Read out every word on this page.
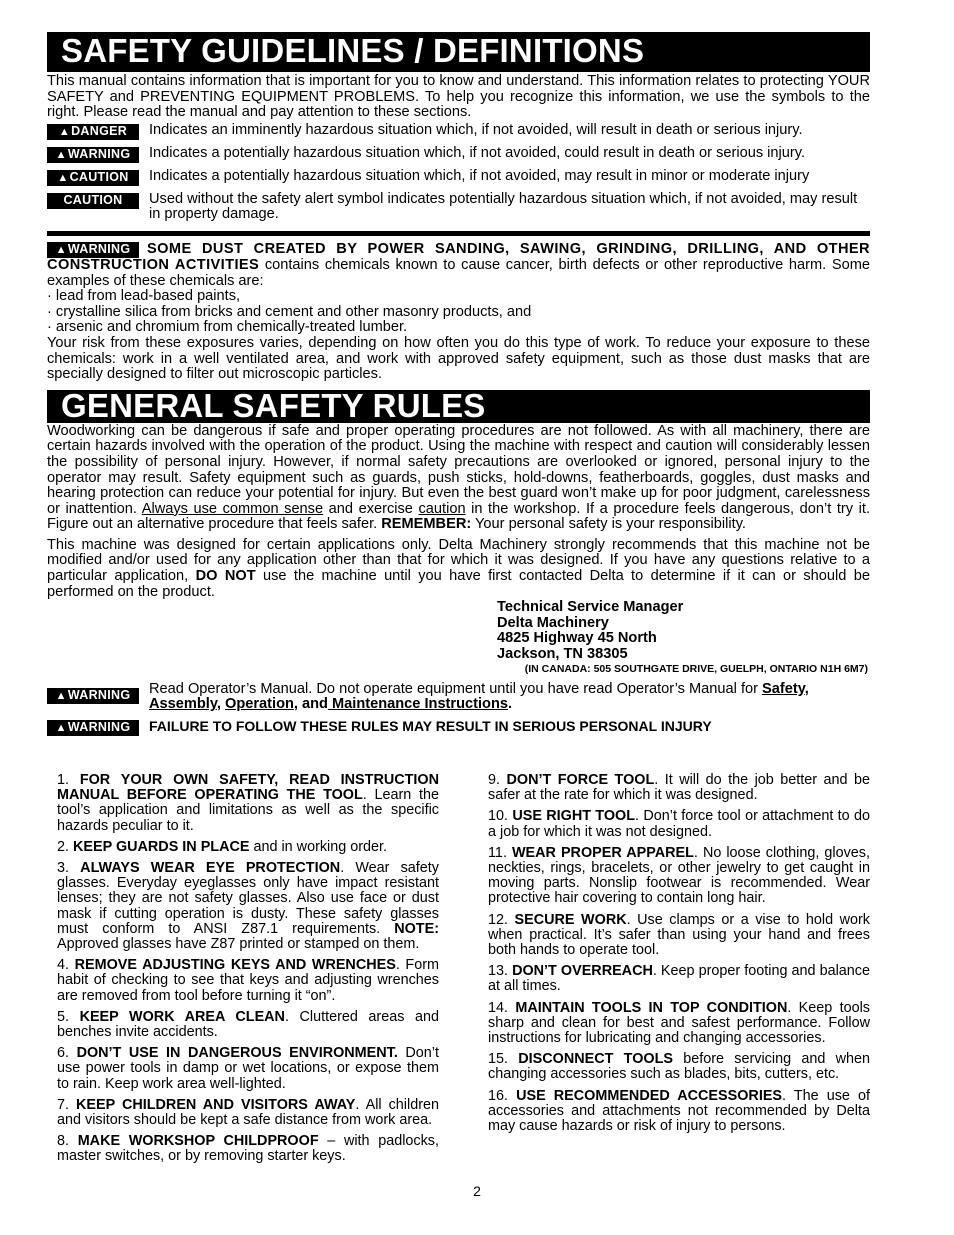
SAFETY GUIDELINES / DEFINITIONS

This manual contains information that is important for you to know and understand. This information relates to protecting YOUR SAFETY and PREVENTING EQUIPMENT PROBLEMS. To help you recognize this information, we use the symbols to the right. Please read the manual and pay attention to these sections.

▲DANGER	Indicates an imminently hazardous situation which, if not avoided, will result in death or serious injury.
▲WARNING	Indicates a potentially hazardous situation which, if not avoided, could result in death or serious injury.
▲CAUTION	Indicates a potentially hazardous situation which, if not avoided, may result in minor or moderate injury
CAUTION	Used without the safety alert symbol indicates potentially hazardous situation which, if not avoided, may result in property damage.

▲WARNING SOME DUST CREATED BY POWER SANDING, SAWING, GRINDING, DRILLING, AND OTHER CONSTRUCTION ACTIVITIES contains chemicals known to cause cancer, birth defects or other reproductive harm. Some examples of these chemicals are:

· lead from lead-based paints,
· crystalline silica from bricks and cement and other masonry products, and
· arsenic and chromium from chemically-treated lumber.

Your risk from these exposures varies, depending on how often you do this type of work. To reduce your exposure to these chemicals: work in a well ventilated area, and work with approved safety equipment, such as those dust masks that are specially designed to filter out microscopic particles.

GENERAL SAFETY RULES

Woodworking can be dangerous if safe and proper operating procedures are not followed. As with all machinery, there are certain hazards involved with the operation of the product. Using the machine with respect and caution will considerably lessen the possibility of personal injury. However, if normal safety precautions are overlooked or ignored, personal injury to the operator may result. Safety equipment such as guards, push sticks, hold-downs, featherboards, goggles, dust masks and hearing protection can reduce your potential for injury. But even the best guard won’t make up for poor judgment, carelessness or inattention. Always use common sense and exercise caution in the workshop. If a procedure feels dangerous, don’t try it. Figure out an alternative procedure that feels safer. REMEMBER: Your personal safety is your responsibility.

This machine was designed for certain applications only. Delta Machinery strongly recommends that this machine not be modified and/or used for any application other than that for which it was designed. If you have any questions relative to a particular application, DO NOT use the machine until you have first contacted Delta to determine if it can or should be performed on the product.

Technical Service Manager
Delta Machinery
4825 Highway 45 North
Jackson, TN 38305
(IN CANADA: 505 SOUTHGATE DRIVE, GUELPH, ONTARIO N1H 6M7)
▲WARNING	Read Operator’s Manual. Do not operate equipment until you have read Operator’s Manual for Safety, Assembly, Operation, and Maintenance Instructions.
▲WARNING	FAILURE TO FOLLOW THESE RULES MAY RESULT IN SERIOUS PERSONAL INJURY

1. FOR YOUR OWN SAFETY, READ INSTRUCTION MANUAL BEFORE OPERATING THE TOOL. Learn the tool’s application and limitations as well as the specific hazards peculiar to it.

2. KEEP GUARDS IN PLACE and in working order.

3. ALWAYS WEAR EYE PROTECTION. Wear safety glasses. Everyday eyeglasses only have impact resistant lenses; they are not safety glasses. Also use face or dust mask if cutting operation is dusty. These safety glasses must conform to ANSI Z87.1 requirements. NOTE: Approved glasses have Z87 printed or stamped on them.

4. REMOVE ADJUSTING KEYS AND WRENCHES. Form habit of checking to see that keys and adjusting wrenches are removed from tool before turning it “on”.

5. KEEP WORK AREA CLEAN. Cluttered areas and benches invite accidents.

6. DON’T USE IN DANGEROUS ENVIRONMENT. Don’t use power tools in damp or wet locations, or expose them to rain. Keep work area well-lighted.

7. KEEP CHILDREN AND VISITORS AWAY. All children and visitors should be kept a safe distance from work area.

8. MAKE WORKSHOP CHILDPROOF – with padlocks, master switches, or by removing starter keys.

9. DON’T FORCE TOOL. It will do the job better and be safer at the rate for which it was designed.

10. USE RIGHT TOOL. Don’t force tool or attachment to do a job for which it was not designed.

11. WEAR PROPER APPAREL. No loose clothing, gloves, neckties, rings, bracelets, or other jewelry to get caught in moving parts. Nonslip footwear is recommended. Wear protective hair covering to contain long hair.

12. SECURE WORK. Use clamps or a vise to hold work when practical. It’s safer than using your hand and frees both hands to operate tool.

13. DON’T OVERREACH. Keep proper footing and balance at all times.

14. MAINTAIN TOOLS IN TOP CONDITION. Keep tools sharp and clean for best and safest performance. Follow instructions for lubricating and changing accessories.

15. DISCONNECT TOOLS before servicing and when changing accessories such as blades, bits, cutters, etc.

16. USE RECOMMENDED ACCESSORIES. The use of accessories and attachments not recommended by Delta may cause hazards or risk of injury to persons.

2
